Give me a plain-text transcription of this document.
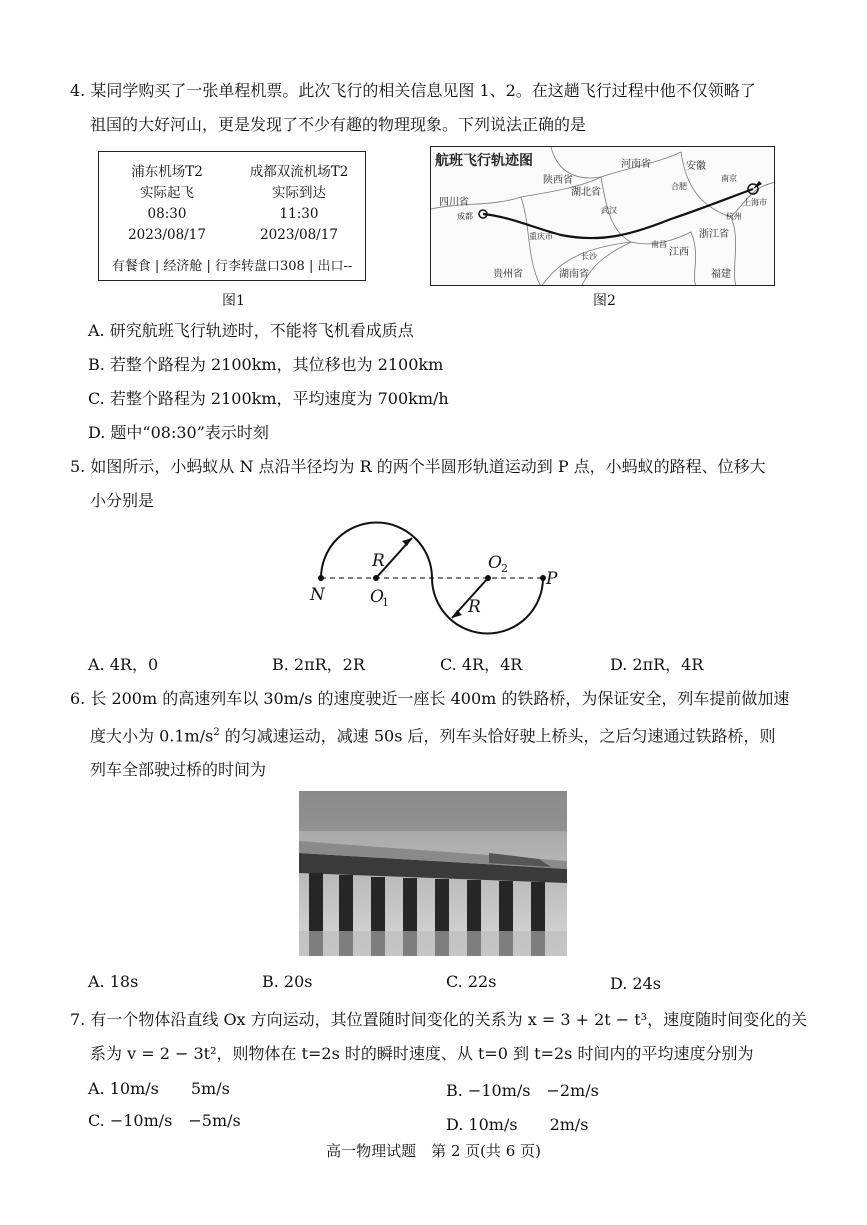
4. 某同学购买了一张单程机票。此次飞行的相关信息见图 1、2。在这趟飞行过程中他不仅领略了

祖国的大好河山，更是发现了不少有趣的物理现象。下列说法正确的是

浦东机场T2
实际起飞
08:30
2023/08/17
成都双流机场T2
实际到达
11:30
2023/08/17
有餐食 | 经济舱 | 行李转盘口308 | 出口--
航班飞行轨迹图
四川省
成都
重庆市
贵州省
湖北省
武汉
湖南省
长沙
河南省	安徽
合肥
南京
杭州
浙江省
上海市
江西
南昌
福建
陕西省
图1	图2
A. 研究航班飞行轨迹时，不能将飞机看成质点
B. 若整个路程为 2100km，其位移也为 2100km
C. 若整个路程为 2100km，平均速度为 700km/h
D. 题中“08:30”表示时刻

5. 如图所示，小蚂蚁从 N 点沿半径均为 R 的两个半圆形轨道运动到 P 点，小蚂蚁的路程、位移大

小分别是

N
P
R
R
O
1
O 2
A. 4R，0	B. 2πR，2R	C. 4R，4R	D. 2πR，4R

6. 长 200m 的高速列车以 30m/s 的速度驶近一座长 400m 的铁路桥，为保证安全，列车提前做加速

度大小为 $0.1m/s^2$ 的匀减速运动，减速 50s 后，列车头恰好驶上桥头，之后匀速通过铁路桥，则

列车全部驶过桥的时间为

A. 18s	B. 20s	C. 22s	D. 24s

7. 有一个物体沿直线 Ox 方向运动，其位置随时间变化的关系为 x = 3 + 2t − t³，速度随时间变化的关

系为 v = 2 − 3t²，则物体在 t=2s 时的瞬时速度、从 t=0 到 t=2s 时间内的平均速度分别为

A. 10m/s　　5m/s	B. −10m/s　−2m/s
C. −10m/s　−5m/s	D. 10m/s　　2m/s
高一物理试题　第 2 页(共 6 页)
